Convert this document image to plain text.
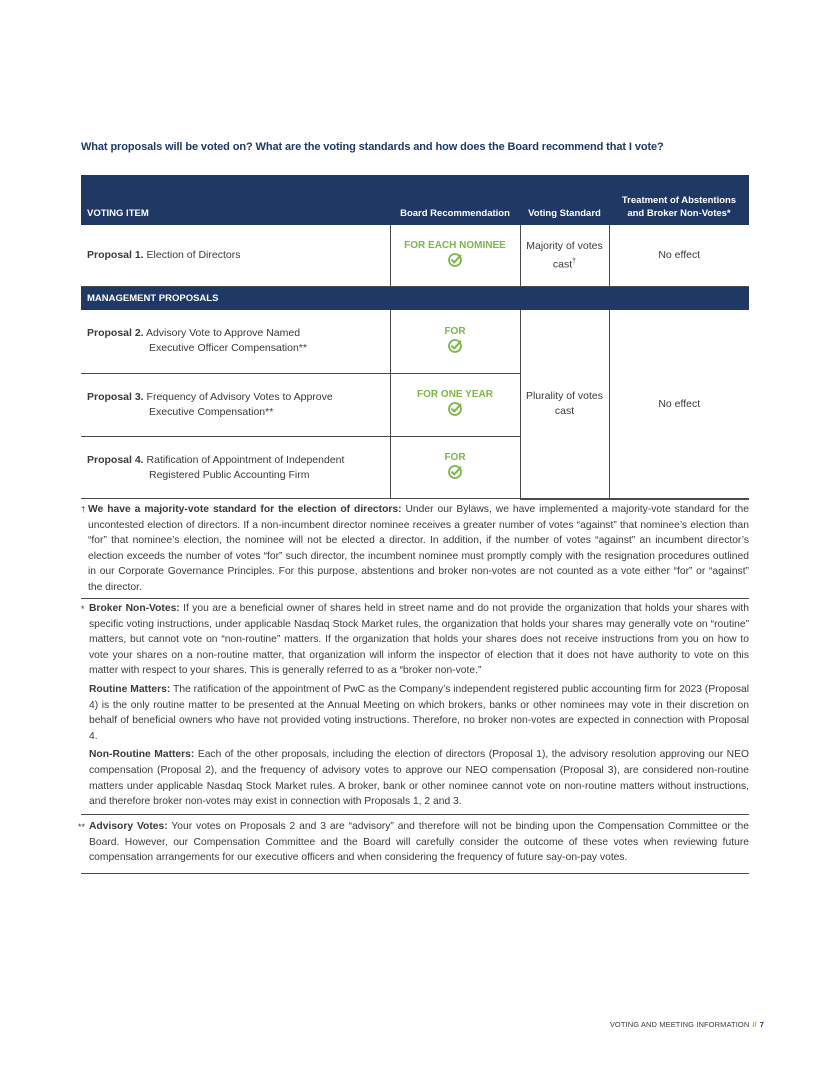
What proposals will be voted on? What are the voting standards and how does the Board recommend that I vote?
VOTING ITEM	Board Recommendation	Voting Standard	Treatment of Abstentions and Broker Non-Votes*
Proposal 1. Election of Directors	FOR EACH NOMINEE	Majority of votes cast†	No effect
MANAGEMENT PROPOSALS			
Proposal 2. Advisory Vote to Approve Named
Executive Officer Compensation**	FOR	Plurality of votes cast	No effect
Proposal 3. Frequency of Advisory Votes to Approve
Executive Compensation**	FOR ONE YEAR		

Proposal 4. Ratification of Appointment of Independent
Registered Public Accounting Firm	FOR		
† We have a majority-vote standard for the election of directors: Under our Bylaws, we have implemented a majority-vote standard for the uncontested election of directors. If a non-incumbent director nominee receives a greater number of votes “against” that nominee’s election than “for” that nominee’s election, the nominee will not be elected a director. In addition, if the number of votes “against” an incumbent director’s election exceeds the number of votes “for” such director, the incumbent nominee must promptly comply with the resignation procedures outlined in our Corporate Governance Principles. For this purpose, abstentions and broker non-votes are not counted as a vote either “for” or “against” the director.

* Broker Non-Votes: If you are a beneficial owner of shares held in street name and do not provide the organization that holds your shares with specific voting instructions, under applicable Nasdaq Stock Market rules, the organization that holds your shares may generally vote on “routine” matters, but cannot vote on “non-routine” matters. If the organization that holds your shares does not receive instructions from you on how to vote your shares on a non-routine matter, that organization will inform the inspector of election that it does not have authority to vote on this matter with respect to your shares. This is generally referred to as a “broker non-vote.”

Routine Matters: The ratification of the appointment of PwC as the Company’s independent registered public accounting firm for 2023 (Proposal 4) is the only routine matter to be presented at the Annual Meeting on which brokers, banks or other nominees may vote in their discretion on behalf of beneficial owners who have not provided voting instructions. Therefore, no broker non-votes are expected in connection with Proposal 4.

Non-Routine Matters: Each of the other proposals, including the election of directors (Proposal 1), the advisory resolution approving our NEO compensation (Proposal 2), and the frequency of advisory votes to approve our NEO compensation (Proposal 3), are considered non-routine matters under applicable Nasdaq Stock Market rules. A broker, bank or other nominee cannot vote on non-routine matters without instructions, and therefore broker non-votes may exist in connection with Proposals 1, 2 and 3.

** Advisory Votes: Your votes on Proposals 2 and 3 are “advisory” and therefore will not be binding upon the Compensation Committee or the Board. However, our Compensation Committee and the Board will carefully consider the outcome of these votes when reviewing future compensation arrangements for our executive officers and when considering the frequency of future say-on-pay votes.

VOTING AND MEETING INFORMATION // 7
